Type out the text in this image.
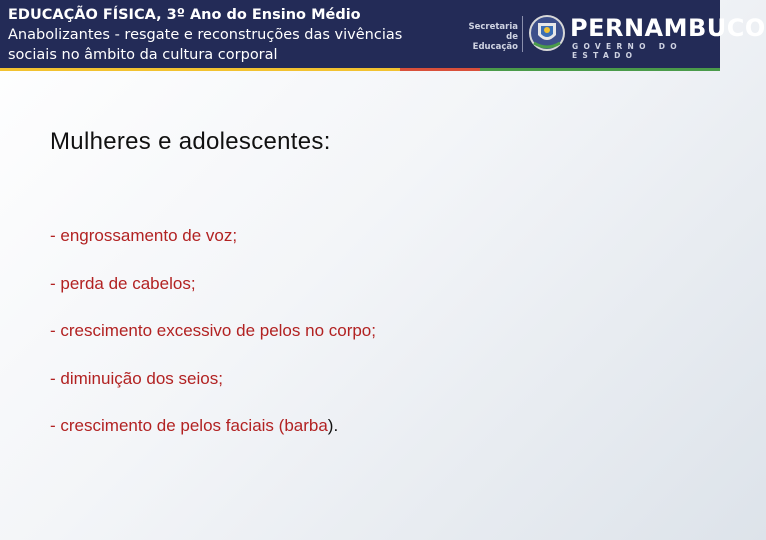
EDUCAÇÃO FÍSICA, 3º Ano do Ensino Médio
Anabolizantes - resgate e reconstruções das vivências
sociais no âmbito da cultura corporal
Secretaria de
Educação
PERNAMBUCO
GOVERNO DO ESTADO
Mulheres e adolescentes:
- engrossamento de voz;
- perda de cabelos;
- crescimento excessivo de pelos no corpo;
- diminuição dos seios;
- crescimento de pelos faciais (barba).
